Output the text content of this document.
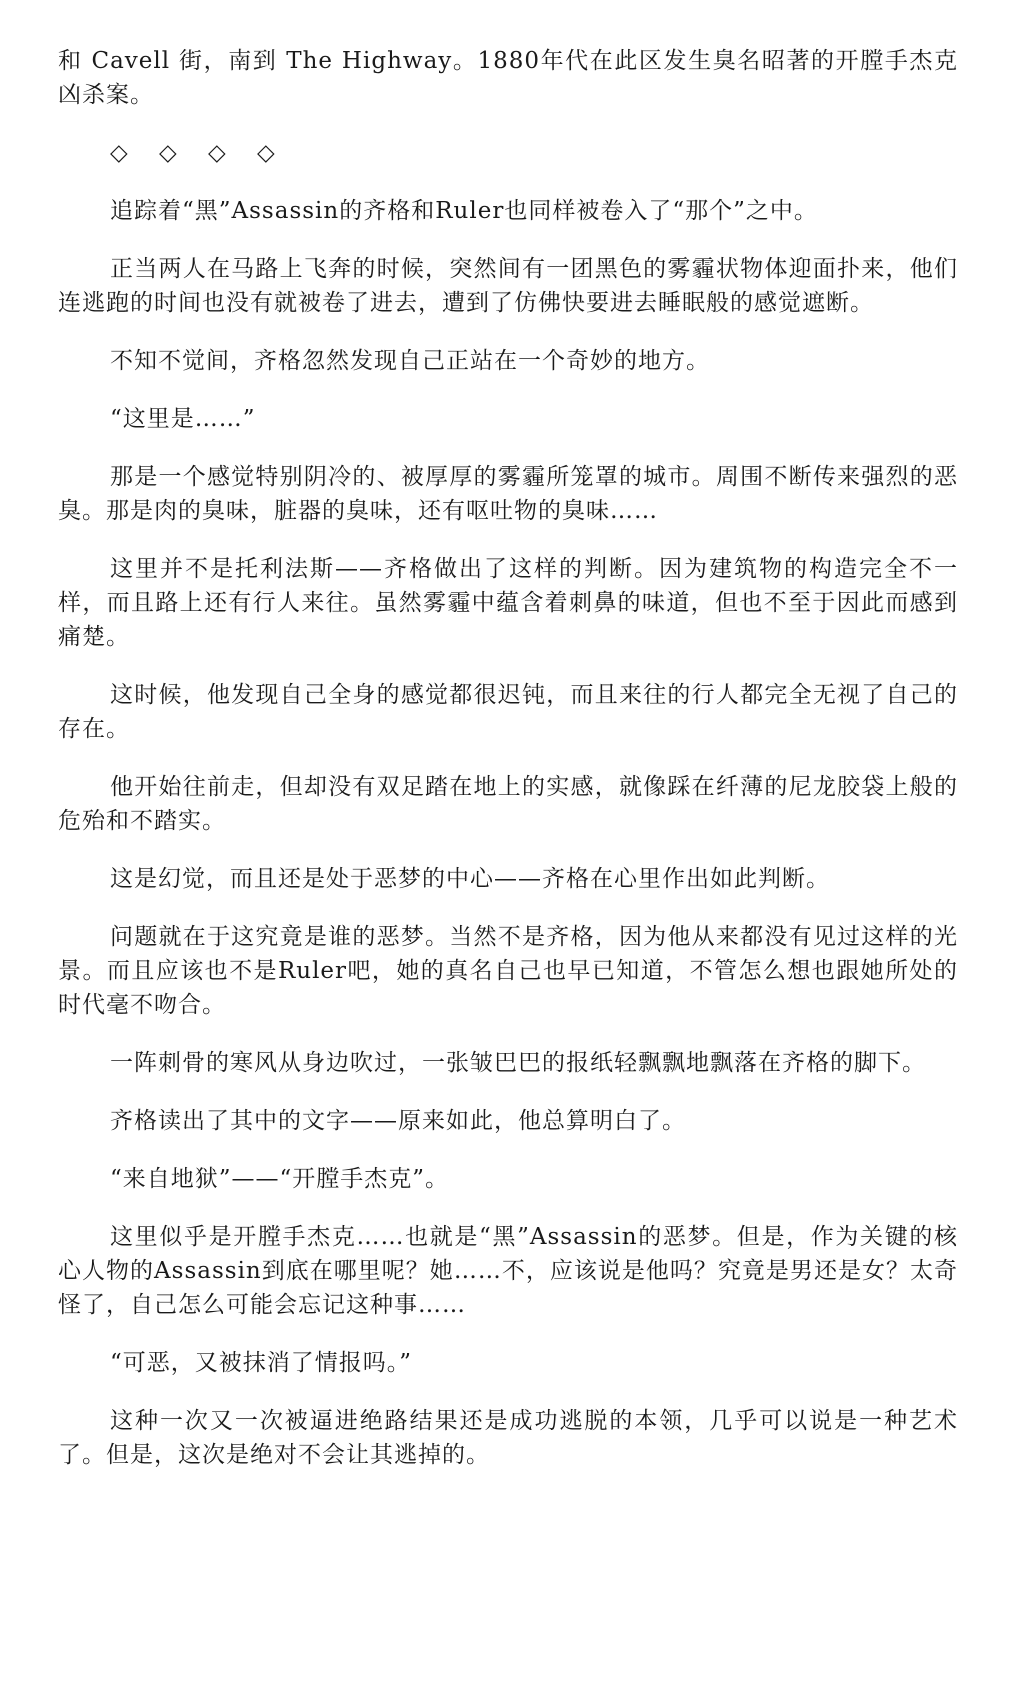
和 Cavell 街，南到 The Highway。1880年代在此区发生臭名昭著的开膛手杰克凶杀案。

◇ ◇ ◇ ◇

追踪着“黑”Assassin的齐格和Ruler也同样被卷入了“那个”之中。

正当两人在马路上飞奔的时候，突然间有一团黑色的雾霾状物体迎面扑来，他们连逃跑的时间也没有就被卷了进去，遭到了仿佛快要进去睡眠般的感觉遮断。

不知不觉间，齐格忽然发现自己正站在一个奇妙的地方。

“这里是……”

那是一个感觉特别阴冷的、被厚厚的雾霾所笼罩的城市。周围不断传来强烈的恶臭。那是肉的臭味，脏器的臭味，还有呕吐物的臭味……

这里并不是托利法斯——齐格做出了这样的判断。因为建筑物的构造完全不一样，而且路上还有行人来往。虽然雾霾中蕴含着刺鼻的味道，但也不至于因此而感到痛楚。

这时候，他发现自己全身的感觉都很迟钝，而且来往的行人都完全无视了自己的存在。

他开始往前走，但却没有双足踏在地上的实感，就像踩在纤薄的尼龙胶袋上般的危殆和不踏实。

这是幻觉，而且还是处于恶梦的中心——齐格在心里作出如此判断。

问题就在于这究竟是谁的恶梦。当然不是齐格，因为他从来都没有见过这样的光景。而且应该也不是Ruler吧，她的真名自己也早已知道，不管怎么想也跟她所处的时代毫不吻合。

一阵刺骨的寒风从身边吹过，一张皱巴巴的报纸轻飘飘地飘落在齐格的脚下。

齐格读出了其中的文字——原来如此，他总算明白了。

“来自地狱”——“开膛手杰克”。

这里似乎是开膛手杰克……也就是“黑”Assassin的恶梦。但是，作为关键的核心人物的Assassin到底在哪里呢？她……不，应该说是他吗？究竟是男还是女？太奇怪了，自己怎么可能会忘记这种事……

“可恶，又被抹消了情报吗。”

这种一次又一次被逼进绝路结果还是成功逃脱的本领，几乎可以说是一种艺术了。但是，这次是绝对不会让其逃掉的。
